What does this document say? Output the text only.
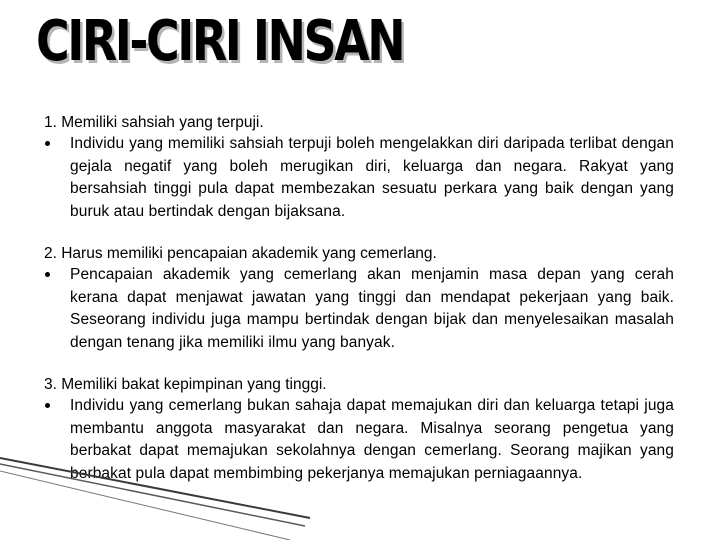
CIRI-CIRI INSAN
1. Memiliki sahsiah yang terpuji.
Individu yang memiliki sahsiah terpuji boleh mengelakkan diri daripada terlibat dengan gejala negatif yang boleh merugikan diri, keluarga dan negara. Rakyat yang bersahsiah tinggi pula dapat membezakan sesuatu perkara yang baik dengan yang buruk atau bertindak dengan bijaksana.
2. Harus memiliki pencapaian akademik yang cemerlang.
Pencapaian akademik yang cemerlang akan menjamin masa depan yang cerah kerana dapat menjawat jawatan yang tinggi dan mendapat pekerjaan yang baik. Seseorang individu juga mampu bertindak dengan bijak dan menyelesaikan masalah dengan tenang jika memiliki ilmu yang banyak.
3. Memiliki bakat kepimpinan yang tinggi.
Individu yang cemerlang bukan sahaja dapat memajukan diri dan keluarga tetapi juga membantu anggota masyarakat dan negara. Misalnya seorang pengetua yang berbakat dapat memajukan sekolahnya dengan cemerlang. Seorang majikan yang berbakat pula dapat membimbing pekerjanya memajukan perniagaannya.
